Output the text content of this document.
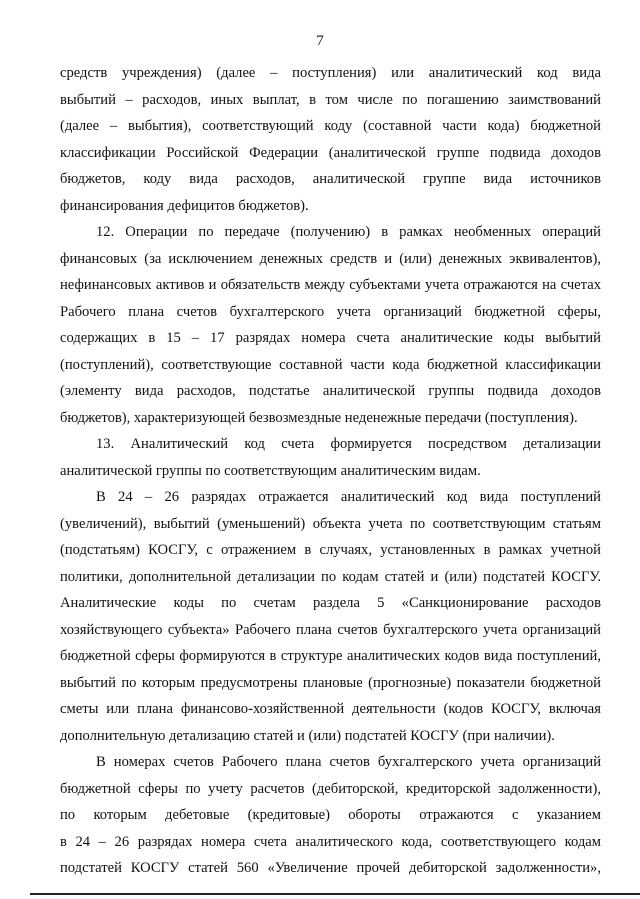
7
средств учреждения) (далее – поступления) или аналитический код вида
выбытий – расходов, иных выплат, в том числе по погашению заимствований
(далее – выбытия), соответствующий коду (составной части кода) бюджетной
классификации Российской Федерации (аналитической группе подвида доходов
бюджетов, коду вида расходов, аналитической группе вида источников
финансирования дефицитов бюджетов).
12. Операции по передаче (получению) в рамках необменных операций
финансовых (за исключением денежных средств и (или) денежных эквивалентов),
нефинансовых активов и обязательств между субъектами учета отражаются на счетах
Рабочего плана счетов бухгалтерского учета организаций бюджетной сферы,
содержащих в 15 – 17 разрядах номера счета аналитические коды выбытий
(поступлений), соответствующие составной части кода бюджетной классификации
(элементу вида расходов, подстатье аналитической группы подвида доходов
бюджетов), характеризующей безвозмездные неденежные передачи (поступления).
13. Аналитический код счета формируется посредством детализации
аналитической группы по соответствующим аналитическим видам.
В 24 – 26 разрядах отражается аналитический код вида поступлений
(увеличений), выбытий (уменьшений) объекта учета по соответствующим статьям
(подстатьям) КОСГУ, с отражением в случаях, установленных в рамках учетной
политики, дополнительной детализации по кодам статей и (или) подстатей КОСГУ.
Аналитические коды по счетам раздела 5 «Санкционирование расходов
хозяйствующего субъекта» Рабочего плана счетов бухгалтерского учета организаций
бюджетной сферы формируются в структуре аналитических кодов вида поступлений,
выбытий по которым предусмотрены плановые (прогнозные) показатели бюджетной
сметы или плана финансово-хозяйственной деятельности (кодов КОСГУ, включая
дополнительную детализацию статей и (или) подстатей КОСГУ (при наличии).
В номерах счетов Рабочего плана счетов бухгалтерского учета организаций
бюджетной сферы по учету расчетов (дебиторской, кредиторской задолженности),
по которым дебетовые (кредитовые) обороты отражаются с указанием
в 24 – 26 разрядах номера счета аналитического кода, соответствующего кодам
подстатей КОСГУ статей 560 «Увеличение прочей дебиторской задолженности»,
